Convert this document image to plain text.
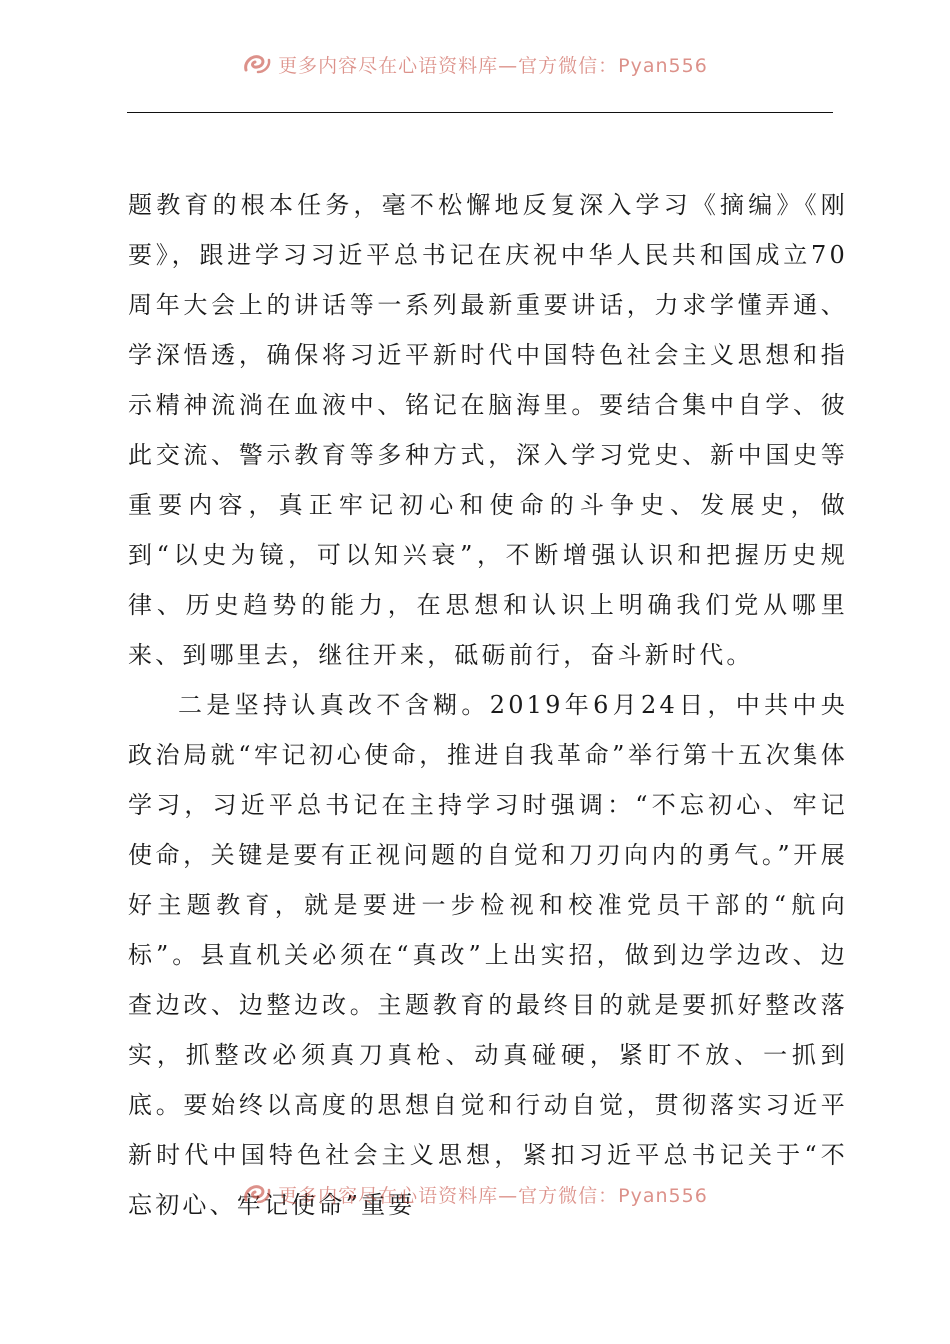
更多内容尽在心语资料库—官方微信：Pyan556

题教育的根本任务，毫不松懈地反复深入学习《摘编》《刚要》，跟进学习习近平总书记在庆祝中华人民共和国成立70周年大会上的讲话等一系列最新重要讲话，力求学懂弄通、学深悟透，确保将习近平新时代中国特色社会主义思想和指示精神流淌在血液中、铭记在脑海里。要结合集中自学、彼此交流、警示教育等多种方式，深入学习党史、新中国史等重要内容，真正牢记初心和使命的斗争史、发展史，做到“以史为镜，可以知兴衰”，不断增强认识和把握历史规律、历史趋势的能力，在思想和认识上明确我们党从哪里来、到哪里去，继往开来，砥砺前行，奋斗新时代。

二是坚持认真改不含糊。2019年6月24日，中共中央政治局就“牢记初心使命，推进自我革命”举行第十五次集体学习，习近平总书记在主持学习时强调：“不忘初心、牢记使命，关键是要有正视问题的自觉和刀刃向内的勇气。”开展好主题教育，就是要进一步检视和校准党员干部的“航向标”。县直机关必须在“真改”上出实招，做到边学边改、边查边改、边整边改。主题教育的最终目的就是要抓好整改落实，抓整改必须真刀真枪、动真碰硬，紧盯不放、一抓到底。要始终以高度的思想自觉和行动自觉，贯彻落实习近平新时代中国特色社会主义思想，紧扣习近平总书记关于“不忘初心、牢记使命”重要

更多内容尽在心语资料库—官方微信：Pyan556
